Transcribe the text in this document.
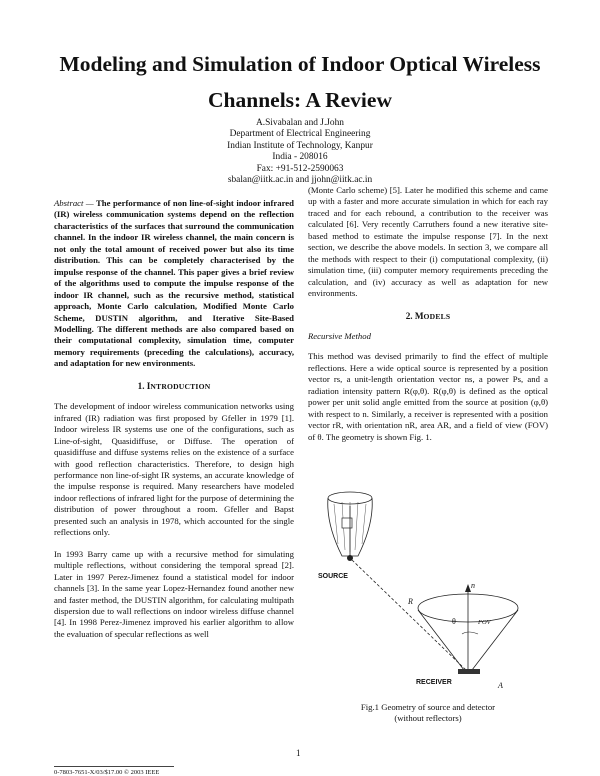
Modeling and Simulation of Indoor Optical Wireless
Channels: A Review
A.Sivabalan and J.John
Department of Electrical Engineering
Indian Institute of Technology, Kanpur
India - 208016
Fax: +91-512-2590063
sbalan@iitk.ac.in and jjohn@iitk.ac.in

Abstract — The performance of non line-of-sight indoor infrared (IR) wireless communication systems depend on the reflection characteristics of the surfaces that surround the communication channel. In the indoor IR wireless channel, the main concern is not only the total amount of received power but also its time distribution. This can be completely characterised by the impulse response of the channel. This paper gives a brief review of the algorithms used to compute the impulse response of the indoor IR channel, such as the recursive method, statistical approach, Monte Carlo calculation, Modified Monte Carlo Scheme, DUSTIN algorithm, and Iterative Site-Based Modelling. The different methods are also compared based on their computational complexity, simulation time, computer memory requirements (preceding the calculations), accuracy, and adaptation for new environments.

1. INTRODUCTION

The development of indoor wireless communication networks using infrared (IR) radiation was first proposed by Gfeller in 1979 [1]. Indoor wireless IR systems use one of the configurations, such as Line-of-sight, Quasidiffuse, or Diffuse. The operation of quasidiffuse and diffuse systems relies on the existence of a surface with good reflection characteristics. Therefore, to design high performance non line-of-sight IR systems, an accurate knowledge of the impulse response is required. Many researchers have modeled indoor reflections of infrared light for the purpose of determining the distribution of power throughout a room. Gfeller and Bapst presented such an analysis in 1978, which accounted for the single reflections only.

In 1993 Barry came up with a recursive method for simulating multiple reflections, without considering the temporal spread [2]. Later in 1997 Perez-Jimenez found a statistical model for indoor channels [3]. In the same year Lopez-Hernandez found another new and faster method, the DUSTIN algorithm, for calculating multipath dispersion due to wall reflections on indoor wireless diffuse channel [4]. In 1998 Perez-Jimenez improved his earlier algorithm to allow the evaluation of specular reflections as well

(Monte Carlo scheme) [5]. Later he modified this scheme and came up with a faster and more accurate simulation in which for each ray traced and for each rebound, a contribution to the receiver was calculated [6]. Very recently Carruthers found a new iterative site-based method to estimate the impulse response [7]. In the next section, we describe the above models. In section 3, we compare all the methods with respect to their (i) computational complexity, (ii) simulation time, (iii) computer memory requirements preceding the calculation, and (iv) accuracy as well as adaptation for new environments.

2. MODELS

Recursive Method

This method was devised primarily to find the effect of multiple reflections. Here a wide optical source is represented by a position vector rs, a unit-length orientation vector ns, a power Ps, and a radiation intensity pattern R(φ,θ). R(φ,θ) is defined as the optical power per unit solid angle emitted from the source at position (φ,θ) with respect to n. Similarly, a receiver is represented with a position vector rR, with orientation nR, area AR, and a field of view (FOV) of θ. The geometry is shown Fig. 1.

SOURCE
R
n
θ	FOV
RECEIVER	A
Fig.1 Geometry of source and detector
(without reflectors)
1
0-7803-7651-X/03/$17.00 © 2003 IEEE
